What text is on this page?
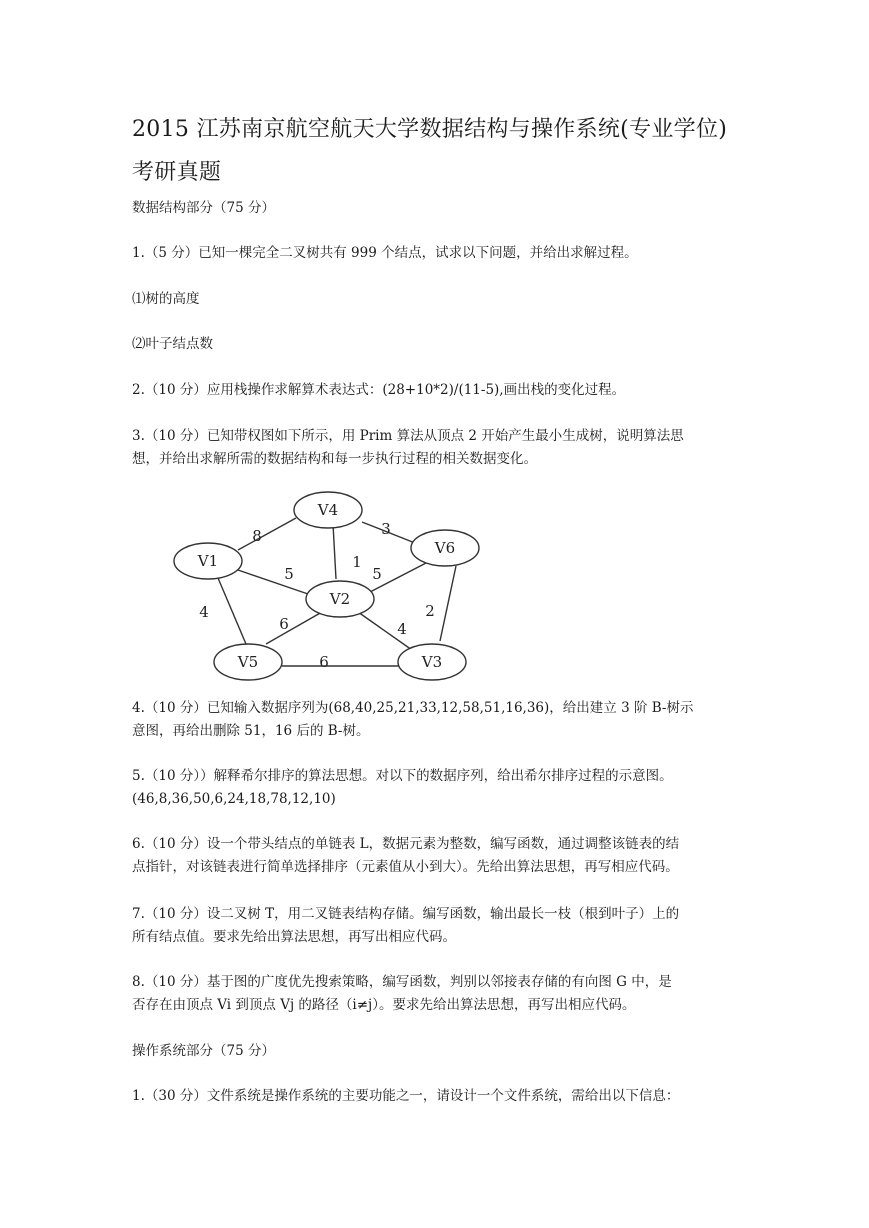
2015 江苏南京航空航天大学数据结构与操作系统(专业学位)
考研真题
数据结构部分（75 分）
1.（5 分）已知一棵完全二叉树共有 999 个结点，试求以下问题，并给出求解过程。
⑴树的高度
⑵叶子结点数
2.（10 分）应用栈操作求解算术表达式：(28+10*2)/(11-5),画出栈的变化过程。
3.（10 分）已知带权图如下所示，用 Prim 算法从顶点 2 开始产生最小生成树，说明算法思
想，并给出求解所需的数据结构和每一步执行过程的相关数据变化。
V4
V1
V6
V2
V5	V3
8	3
1
5	5
4	2
6	4
6
4.（10 分）已知输入数据序列为(68,40,25,21,33,12,58,51,16,36)，给出建立 3 阶 B-树示
意图，再给出删除 51，16 后的 B-树。
5.（10 分））解释希尔排序的算法思想。对以下的数据序列，给出希尔排序过程的示意图。
(46,8,36,50,6,24,18,78,12,10)
6.（10 分）设一个带头结点的单链表 L，数据元素为整数，编写函数，通过调整该链表的结
点指针，对该链表进行简单选择排序（元素值从小到大）。先给出算法思想，再写相应代码。
7.（10 分）设二叉树 T，用二叉链表结构存储。编写函数，输出最长一枝（根到叶子）上的
所有结点值。要求先给出算法思想，再写出相应代码。
8.（10 分）基于图的广度优先搜索策略，编写函数，判别以邻接表存储的有向图 G 中，是
否存在由顶点 Vi 到顶点 Vj 的路径（i≠j）。要求先给出算法思想，再写出相应代码。
操作系统部分（75 分）
1.（30 分）文件系统是操作系统的主要功能之一，请设计一个文件系统，需给出以下信息：
